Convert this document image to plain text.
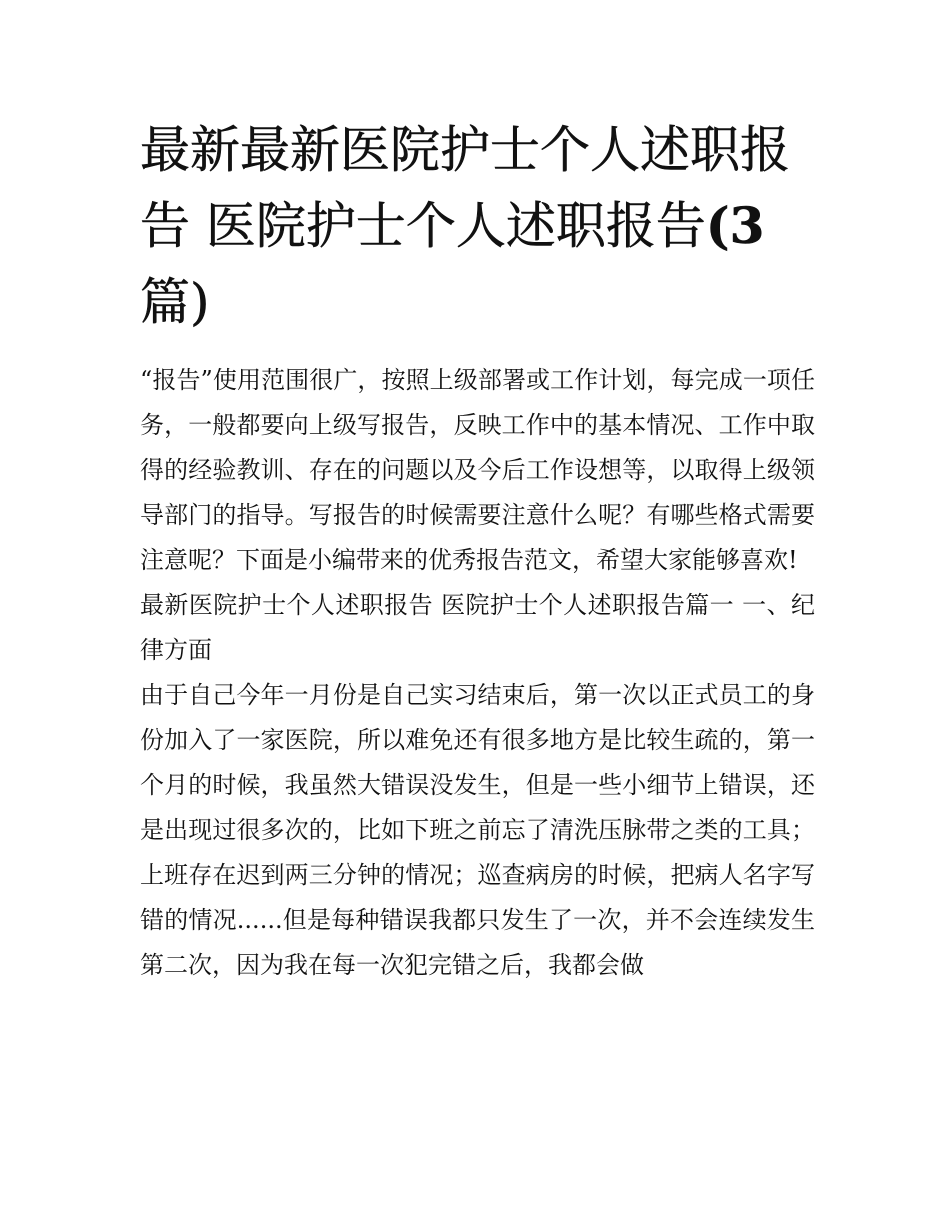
最新最新医院护士个人述职报告 医院护士个人述职报告(3
篇)

“报告”使用范围很广，按照上级部署或工作计划，每完成一项任务，一般都要向上级写报告，反映工作中的基本情况、工作中取得的经验教训、存在的问题以及今后工作设想等，以取得上级领导部门的指导。写报告的时候需要注意什么呢？有哪些格式需要注意呢？下面是小编带来的优秀报告范文，希望大家能够喜欢!

最新医院护士个人述职报告 医院护士个人述职报告篇一 一、纪律方面

由于自己今年一月份是自己实习结束后，第一次以正式员工的身份加入了一家医院，所以难免还有很多地方是比较生疏的，第一个月的时候，我虽然大错误没发生，但是一些小细节上错误，还是出现过很多次的，比如下班之前忘了清洗压脉带之类的工具；上班存在迟到两三分钟的情况；巡查病房的时候，把病人名字写错的情况......但是每种错误我都只发生了一次，并不会连续发生第二次，因为我在每一次犯完错之后，我都会做
